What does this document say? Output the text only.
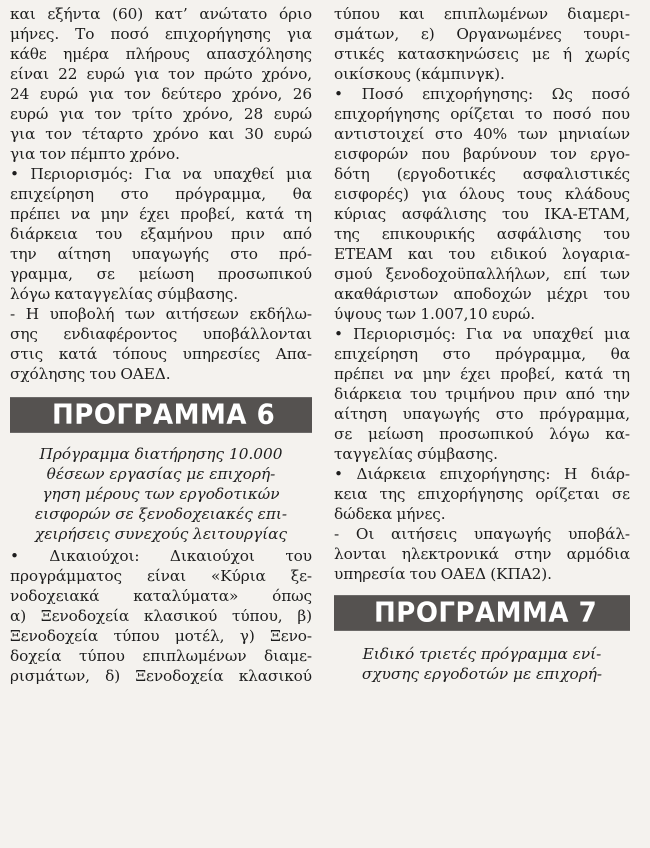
και εξήντα (60) κατ’ ανώτατο όριο
μήνες. Το ποσό επιχορήγησης για
κάθε ημέρα πλήρους απασχόλησης
είναι 22 ευρώ για τον πρώτο χρόνο,
24 ευρώ για τον δεύτερο χρόνο, 26
ευρώ για τον τρίτο χρόνο, 28 ευρώ
για τον τέταρτο χρόνο και 30 ευρώ
για τον πέμπτο χρόνο.

• Περιορισμός: Για να υπαχθεί μια
επιχείρηση στο πρόγραμμα, θα
πρέπει να μην έχει προβεί, κατά τη
διάρκεια του εξαμήνου πριν από
την αίτηση υπαγωγής στο πρό-
γραμμα, σε μείωση προσωπικού
λόγω καταγγελίας σύμβασης.

- Η υποβολή των αιτήσεων εκδήλω-
σης ενδιαφέροντος υποβάλλονται
στις κατά τόπους υπηρεσίες Απα-
σχόλησης του ΟΑΕΔ.

ΠΡΟΓΡΑΜΜΑ 6
Πρόγραμμα διατήρησης 10.000
θέσεων εργασίας με επιχορή-
γηση μέρους των εργοδοτικών
εισφορών σε ξενοδοχειακές επι-
χειρήσεις συνεχούς λειτουργίας

• Δικαιούχοι: Δικαιούχοι του
προγράμματος είναι «Κύρια ξε-
νοδοχειακά καταλύματα» όπως
α) Ξενοδοχεία κλασικού τύπου, β)
Ξενοδοχεία τύπου μοτέλ, γ) Ξενο-
δοχεία τύπου επιπλωμένων διαμε-
ρισμάτων, δ) Ξενοδοχεία κλασικού

τύπου και επιπλωμένων διαμερι-
σμάτων, ε) Οργανωμένες τουρι-
στικές κατασκηνώσεις με ή χωρίς
οικίσκους (κάμπινγκ).

• Ποσό επιχορήγησης: Ως ποσό
επιχορήγησης ορίζεται το ποσό που
αντιστοιχεί στο 40% των μηνιαίων
εισφορών που βαρύνουν τον εργο-
δότη (εργοδοτικές ασφαλιστικές
εισφορές) για όλους τους κλάδους
κύριας ασφάλισης του ΙΚΑ-ΕΤΑΜ,
της επικουρικής ασφάλισης του
ΕΤΕΑΜ και του ειδικού λογαρια-
σμού ξενοδοχοϋπαλλήλων, επί των
ακαθάριστων αποδοχών μέχρι του
ύψους των 1.007,10 ευρώ.

• Περιορισμός: Για να υπαχθεί μια
επιχείρηση στο πρόγραμμα, θα
πρέπει να μην έχει προβεί, κατά τη
διάρκεια του τριμήνου πριν από την
αίτηση υπαγωγής στο πρόγραμμα,
σε μείωση προσωπικού λόγω κα-
ταγγελίας σύμβασης.

• Διάρκεια επιχορήγησης: Η διάρ-
κεια της επιχορήγησης ορίζεται σε
δώδεκα μήνες.

- Οι αιτήσεις υπαγωγής υποβάλ-
λονται ηλεκτρονικά στην αρμόδια
υπηρεσία του ΟΑΕΔ (ΚΠΑ2).

ΠΡΟΓΡΑΜΜΑ 7
Ειδικό τριετές πρόγραμμα ενί-
σχυσης εργοδοτών με επιχορή-
